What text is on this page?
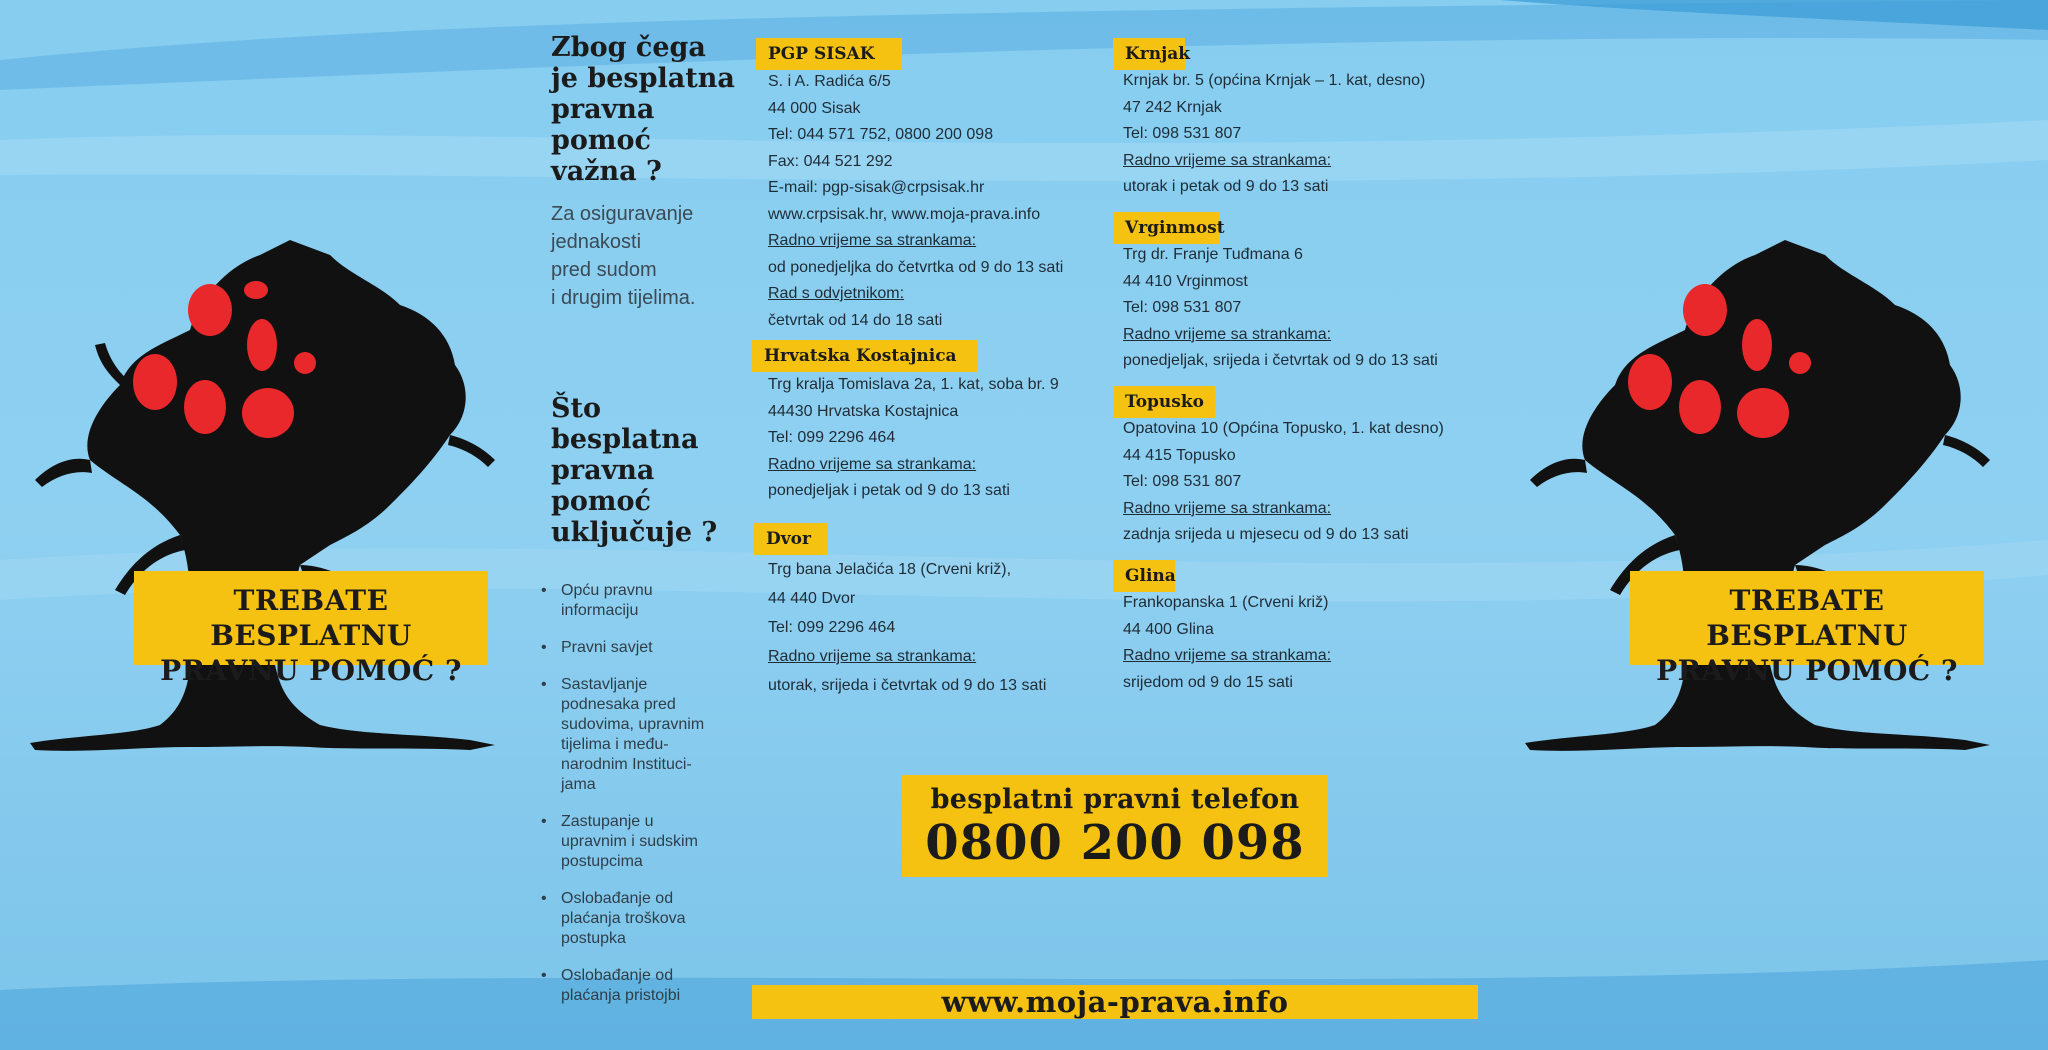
TREBATE BESPLATNU
PRAVNU POMOĆ ?
TREBATE BESPLATNU
PRAVNU POMOĆ ?
Zbog čega
je besplatna
pravna
pomoć
važna ?
Za osiguravanje
jednakosti
pred sudom
i drugim tijelima.
Što
besplatna
pravna
pomoć
uključuje ?
• Opću pravnu
informaciju
• Pravni savjet
• Sastavljanje
podnesaka pred
sudovima, upravnim
tijelima i među-
narodnim Instituci-
jama
• Zastupanje u
upravnim i sudskim
postupcima
• Oslobađanje od
plaćanja troškova
postupka
• Oslobađanje od
plaćanja pristojbi
PGP SISAK
S. i A. Radića 6/5
44 000 Sisak
Tel: 044 571 752, 0800 200 098
Fax: 044 521 292
E-mail: pgp-sisak@crpsisak.hr
www.crpsisak.hr, www.moja-prava.info
Radno vrijeme sa strankama:
od ponedjeljka do četvrtka od 9 do 13 sati
Rad s odvjetnikom:
četvrtak od 14 do 18 sati
Hrvatska Kostajnica
Trg kralja Tomislava 2a, 1. kat, soba br. 9
44430 Hrvatska Kostajnica
Tel: 099 2296 464
Radno vrijeme sa strankama:
ponedjeljak i petak od 9 do 13 sati
Dvor
Trg bana Jelačića 18 (Crveni križ),
44 440 Dvor
Tel: 099 2296 464
Radno vrijeme sa strankama:
utorak, srijeda i četvrtak od 9 do 13 sati
Krnjak
Krnjak br. 5 (općina Krnjak – 1. kat, desno)
47 242 Krnjak
Tel: 098 531 807
Radno vrijeme sa strankama:
utorak i petak od 9 do 13 sati
Vrginmost
Trg dr. Franje Tuđmana 6
44 410 Vrginmost
Tel: 098 531 807
Radno vrijeme sa strankama:
ponedjeljak, srijeda i četvrtak od 9 do 13 sati
Topusko
Opatovina 10 (Općina Topusko, 1. kat desno)
44 415 Topusko
Tel: 098 531 807
Radno vrijeme sa strankama:
zadnja srijeda u mjesecu od 9 do 13 sati
Glina
Frankopanska 1 (Crveni križ)
44 400 Glina
Radno vrijeme sa strankama:
srijedom od 9 do 15 sati
besplatni pravni telefon
0800 200 098
www.moja-prava.info
